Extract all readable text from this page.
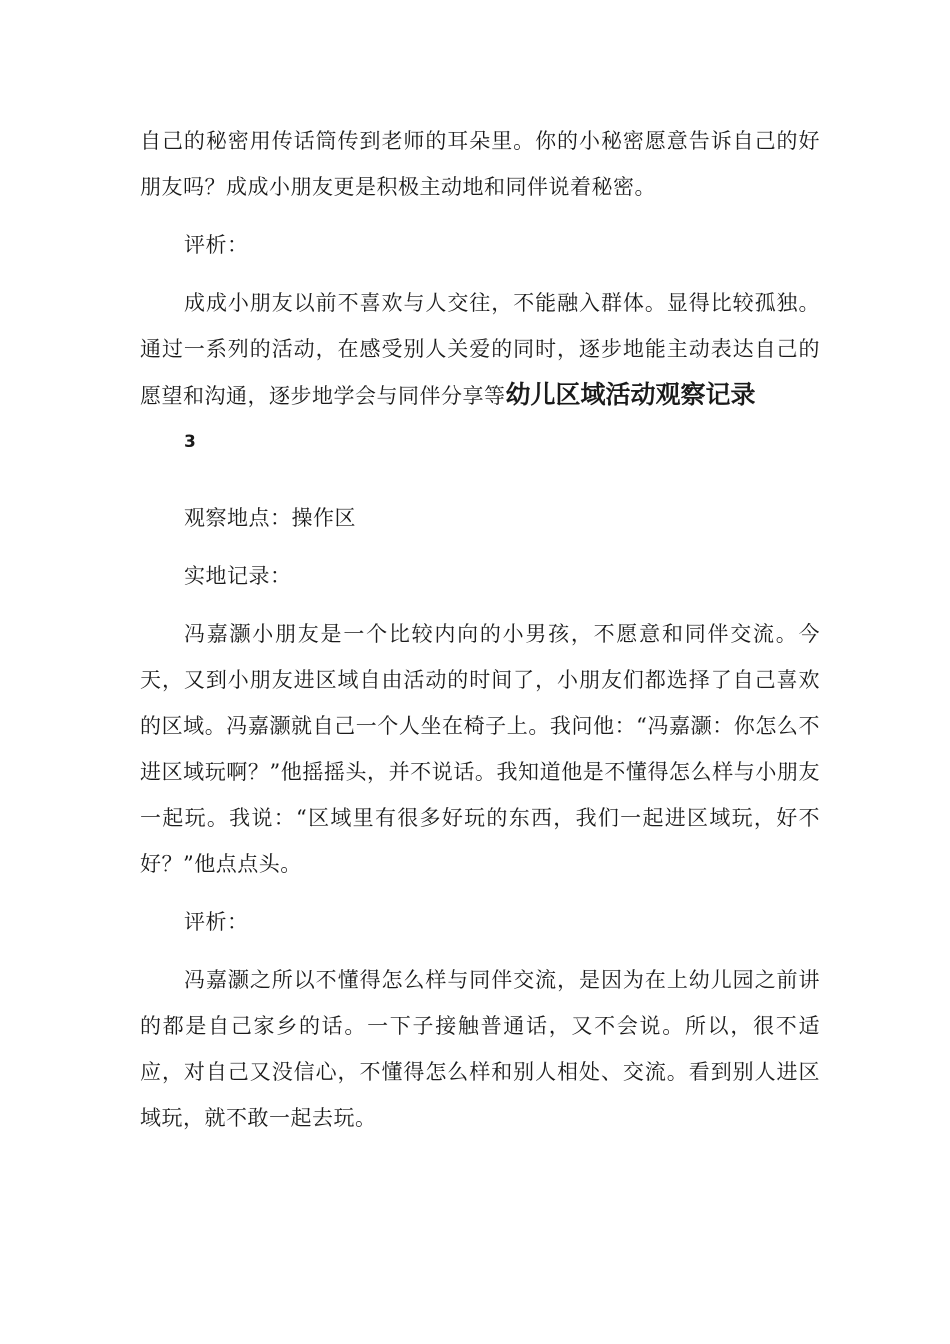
自己的秘密用传话筒传到老师的耳朵里。你的小秘密愿意告诉自己的好朋友吗？成成小朋友更是积极主动地和同伴说着秘密。

评析：

成成小朋友以前不喜欢与人交往，不能融入群体。显得比较孤独。通过一系列的活动，在感受别人关爱的同时，逐步地能主动表达自己的愿望和沟通，逐步地学会与同伴分享等幼儿区域活动观察记录
3

观察地点：操作区

实地记录：

冯嘉灏小朋友是一个比较内向的小男孩，不愿意和同伴交流。今天，又到小朋友进区域自由活动的时间了，小朋友们都选择了自己喜欢的区域。冯嘉灏就自己一个人坐在椅子上。我问他：“冯嘉灏：你怎么不进区域玩啊？”他摇摇头，并不说话。我知道他是不懂得怎么样与小朋友一起玩。我说：“区域里有很多好玩的东西，我们一起进区域玩，好不好？”他点点头。

评析：

冯嘉灏之所以不懂得怎么样与同伴交流，是因为在上幼儿园之前讲的都是自己家乡的话。一下子接触普通话，又不会说。所以，很不适应，对自己又没信心，不懂得怎么样和别人相处、交流。看到别人进区域玩，就不敢一起去玩。
